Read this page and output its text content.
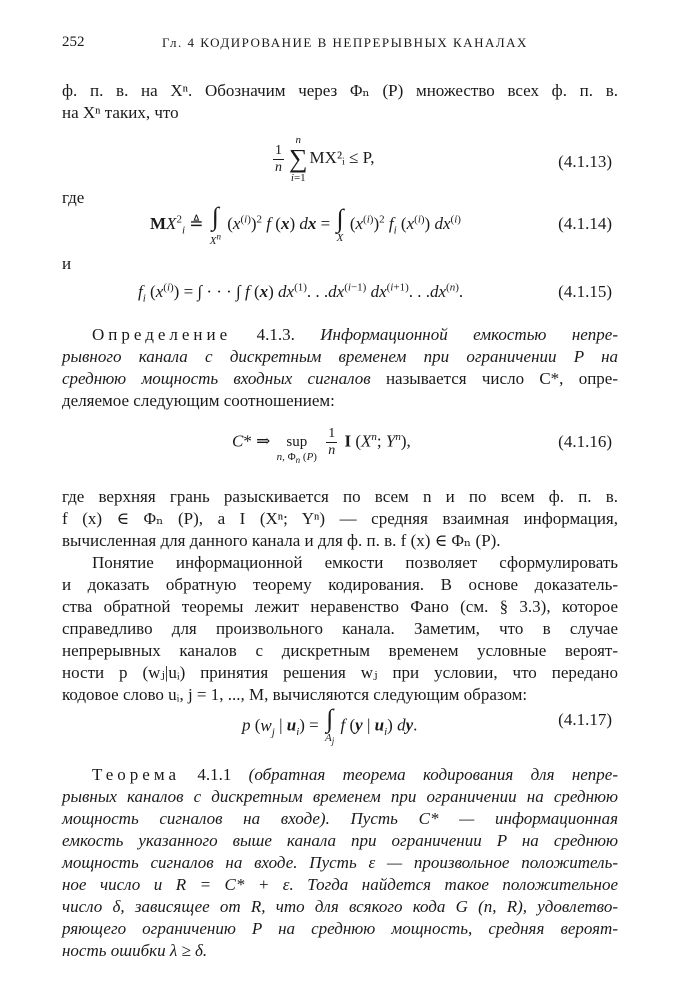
252	Гл. 4 КОДИРОВАНИЕ В НЕПРЕРЫВНЫХ КАНАЛАХ
ф. п. в. на Xⁿ. Обозначим через Φₙ (P) множество всех ф. п. в.
на Xⁿ таких, что
$\frac{1}{n}$
n
∑
i=1
MX²ᵢ ≤ P,	(4.1.13)
где
$MX^2_i$ ≜ ∫
$X^n$
$(x^{(i)})^2$ f (x) dx = ∫
X
$(x^{(i)})^2$ $f_i$ $(x^{(i)})$ $dx^{(i)}$	(4.1.14)
и
$f_i$ $(x^{(i)})$ = ∫ · · · ∫ f (x) $dx^{(1)}$. . $.dx^{(i-1)}$ $dx^{(i+1)}$. . $.dx^{(n)}$.	(4.1.15)
Определение 4.1.3. Информационной емкостью непре-
рывного канала с дискретным временем при ограничении P на
среднюю мощность входных сигналов называется число C*, опре-
деляемое следующим соотношением:
C* ⇒ sup
n, $\Phi_n$ (P)
$\frac{1}{n}$ I ($X^n$; $Y^n$),	(4.1.16)
где верхняя грань разыскивается по всем n и по всем ф. п. в.
f (x) ∈ Φₙ (P), а I (Xⁿ; Yⁿ) — средняя взаимная информация,
вычисленная для данного канала и для ф. п. в. f (x) ∈ Φₙ (P).
Понятие информационной емкости позволяет сформулировать
и доказать обратную теорему кодирования. В основе доказатель-
ства обратной теоремы лежит неравенство Фано (см. § 3.3), которое
справедливо для произвольного канала. Заметим, что в случае
непрерывных каналов с дискретным временем условные вероят-
ности p (wⱼ|uᵢ) принятия решения wⱼ при условии, что передано
кодовое слово uᵢ, j = 1, ..., M, вычисляются следующим образом:
p ($w_j$ | $u_i$) = ∫
$A_j$
f (y | $u_i$) dy.	(4.1.17)
Теорема 4.1.1 (обратная теорема кодирования для непре-
рывных каналов с дискретным временем при ограничении на среднюю
мощность сигналов на входе). Пусть C* — информационная
емкость указанного выше канала при ограничении P на среднюю
мощность сигналов на входе. Пусть ε — произвольное положитель-
ное число и R = C* + ε. Тогда найдется такое положительное
число δ, зависящее от R, что для всякого кода G (n, R), удовлетво-
ряющего ограничению P на среднюю мощность, средняя вероят-
ность ошибки λ ≥ δ.
